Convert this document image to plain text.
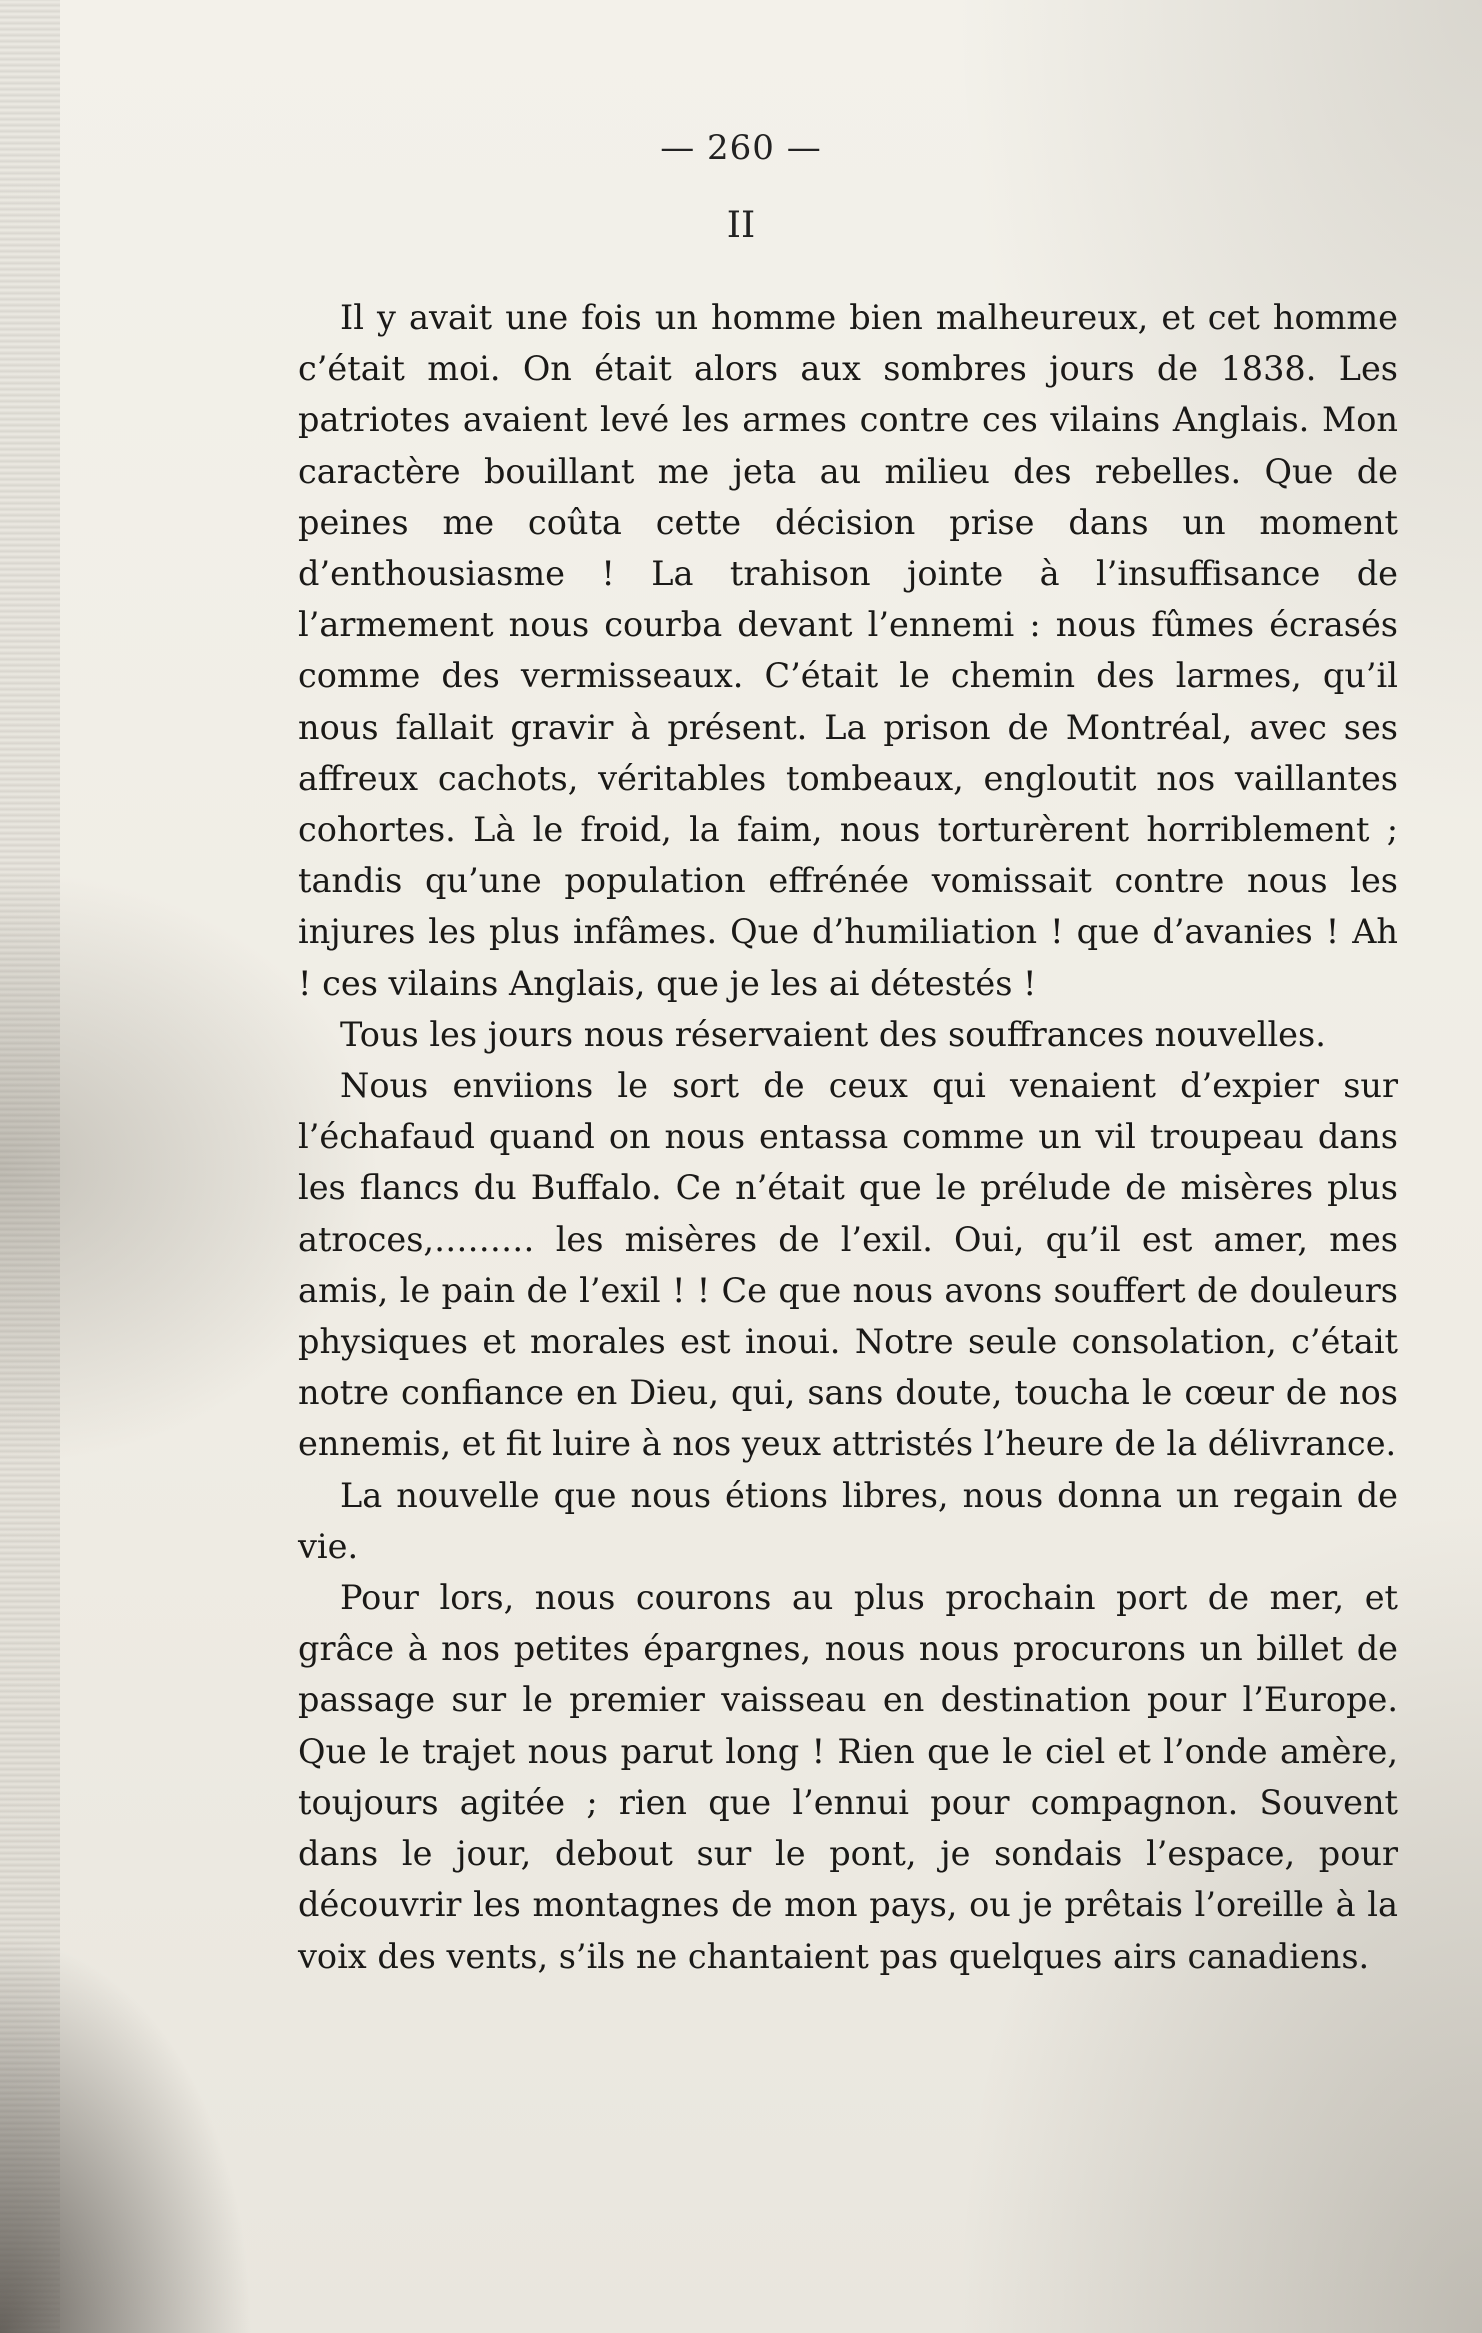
— 260 —
II

Il y avait une fois un homme bien malheureux, et cet homme c’était moi. On était alors aux sombres jours de 1838. Les patriotes avaient levé les armes contre ces vilains Anglais. Mon caractère bouillant me jeta au milieu des rebelles. Que de peines me coûta cette décision prise dans un moment d’enthousiasme ! La trahison jointe à l’insuffisance de l’armement nous courba devant l’ennemi : nous fûmes écrasés comme des vermisseaux. C’était le chemin des larmes, qu’il nous fallait gravir à présent. La prison de Montréal, avec ses affreux cachots, véritables tombeaux, engloutit nos vaillantes cohortes. Là le froid, la faim, nous torturèrent horriblement ; tandis qu’une population effrénée vomissait contre nous les injures les plus infâmes. Que d’humiliation ! que d’avanies ! Ah ! ces vilains Anglais, que je les ai détestés !

Tous les jours nous réservaient des souffrances nouvelles.

Nous enviions le sort de ceux qui venaient d’expier sur l’échafaud quand on nous entassa comme un vil troupeau dans les flancs du Buffalo. Ce n’était que le prélude de misères plus atroces,……… les misères de l’exil. Oui, qu’il est amer, mes amis, le pain de l’exil ! ! Ce que nous avons souffert de douleurs physiques et morales est inoui. Notre seule consolation, c’était notre confiance en Dieu, qui, sans doute, toucha le cœur de nos ennemis, et fit luire à nos yeux attristés l’heure de la délivrance.

La nouvelle que nous étions libres, nous donna un regain de vie.

Pour lors, nous courons au plus prochain port de mer, et grâce à nos petites épargnes, nous nous procurons un billet de passage sur le premier vaisseau en destination pour l’Europe. Que le trajet nous parut long ! Rien que le ciel et l’onde amère, toujours agitée ; rien que l’ennui pour compagnon. Souvent dans le jour, debout sur le pont, je sondais l’espace, pour découvrir les montagnes de mon pays, ou je prêtais l’oreille à la voix des vents, s’ils ne chantaient pas quelques airs canadiens.
